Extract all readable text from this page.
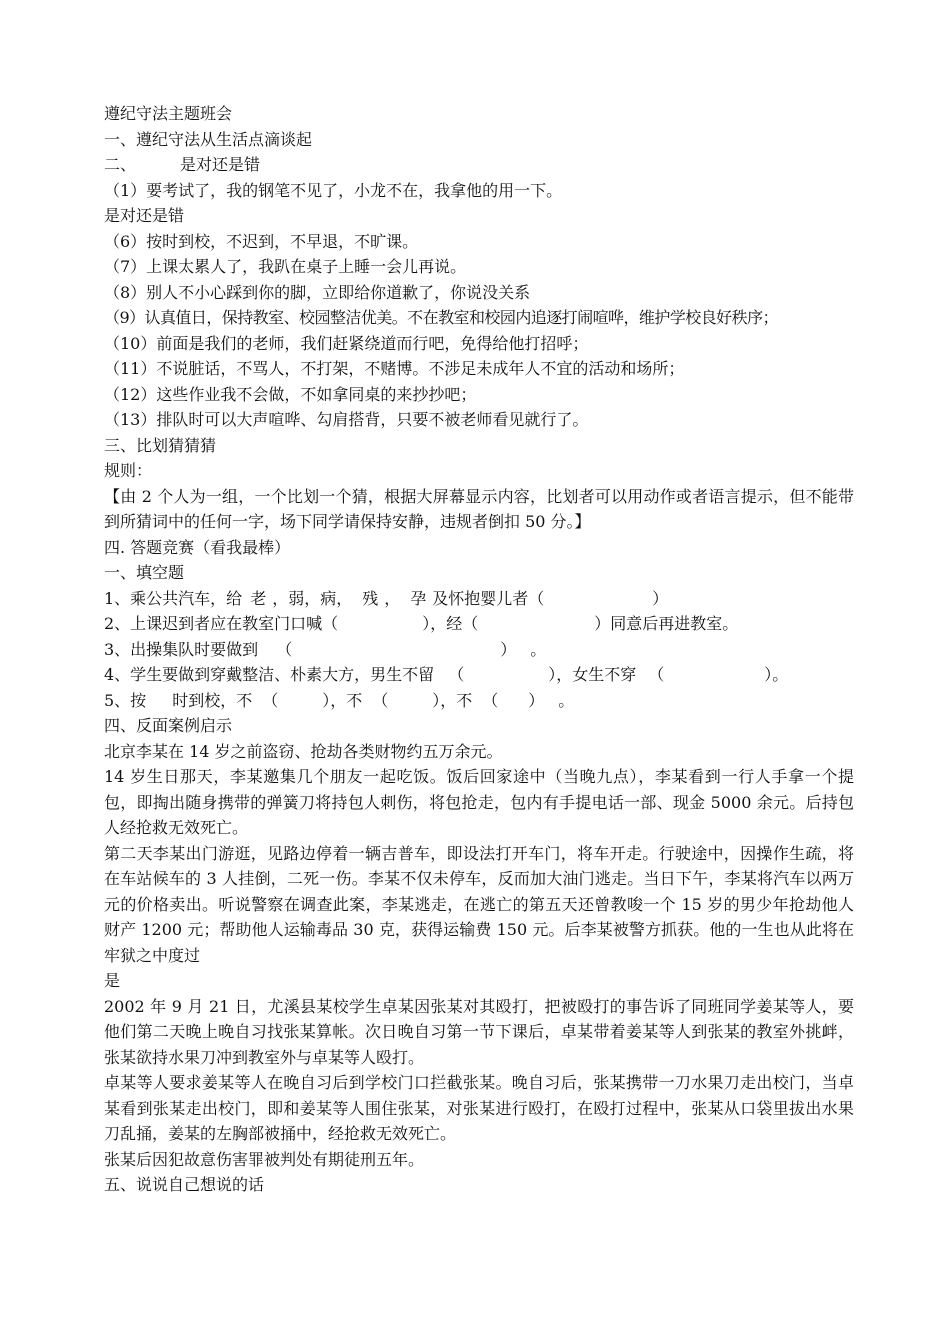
遵纪守法主题班会

一、遵纪守法从生活点滴谈起

二、	是对还是错

（1）要考试了，我的钢笔不见了，小龙不在，我拿他的用一下。

是对还是错

（6）按时到校，不迟到，不早退，不旷课。

（7）上课太累人了，我趴在桌子上睡一会儿再说。

（8）别人不小心踩到你的脚，立即给你道歉了，你说没关系

（9）认真值日，保持教室、校园整洁优美。不在教室和校园内追逐打闹喧哗，维护学校良好秩序；

（10）前面是我们的老师，我们赶紧绕道而行吧，免得给他打招呼；

（11）不说脏话，不骂人，不打架，不赌博。不涉足未成年人不宜的活动和场所；

（12）这些作业我不会做，不如拿同桌的来抄抄吧；

（13）排队时可以大声喧哗、勾肩搭背，只要不被老师看见就行了。

三、比划猜猜猜

规则：

【由 2 个人为一组，一个比划一个猜，根据大屏幕显示内容，比划者可以用动作或者语言提示，但不能带到所猜词中的任何一字，场下同学请保持安静，违规者倒扣 50 分。】

四. 答题竞赛（看我最棒）

一、填空题

1、乘公共汽车，给 老 ，弱，病， 残 ， 孕 及怀抱婴儿者（	）

2、上课迟到者应在教室门口喊（	），经（	）同意后再进教室。

3、出操集队时要做到 （	） 。

4、学生要做到穿戴整洁、朴素大方，男生不留 （	），女生不穿 （	）。

5、按 时到校，不 （	），不 （	），不 （ ） 。

四、反面案例启示

北京李某在 14 岁之前盗窃、抢劫各类财物约五万余元。

14 岁生日那天，李某邀集几个朋友一起吃饭。饭后回家途中（当晚九点），李某看到一行人手拿一个提包，即掏出随身携带的弹簧刀将持包人刺伤，将包抢走，包内有手提电话一部、现金 5000 余元。后持包人经抢救无效死亡。

第二天李某出门游逛，见路边停着一辆吉普车，即设法打开车门，将车开走。行驶途中，因操作生疏，将在车站候车的 3 人挂倒，二死一伤。李某不仅未停车，反而加大油门逃走。当日下午，李某将汽车以两万元的价格卖出。听说警察在调查此案，李某逃走，在逃亡的第五天还曾教唆一个 15 岁的男少年抢劫他人财产 1200 元；帮助他人运输毒品 30 克，获得运输费 150 元。后李某被警方抓获。他的一生也从此将在牢狱之中度过

是

2002 年 9 月 21 日，尤溪县某校学生卓某因张某对其殴打，把被殴打的事告诉了同班同学姜某等人，要他们第二天晚上晚自习找张某算帐。次日晚自习第一节下课后，卓某带着姜某等人到张某的教室外挑衅，张某欲持水果刀冲到教室外与卓某等人殴打。

卓某等人要求姜某等人在晚自习后到学校门口拦截张某。晚自习后，张某携带一刀水果刀走出校门，当卓某看到张某走出校门，即和姜某等人围住张某，对张某进行殴打，在殴打过程中，张某从口袋里拔出水果刀乱捅，姜某的左胸部被捅中，经抢救无效死亡。

张某后因犯故意伤害罪被判处有期徒刑五年。

五、说说自己想说的话
